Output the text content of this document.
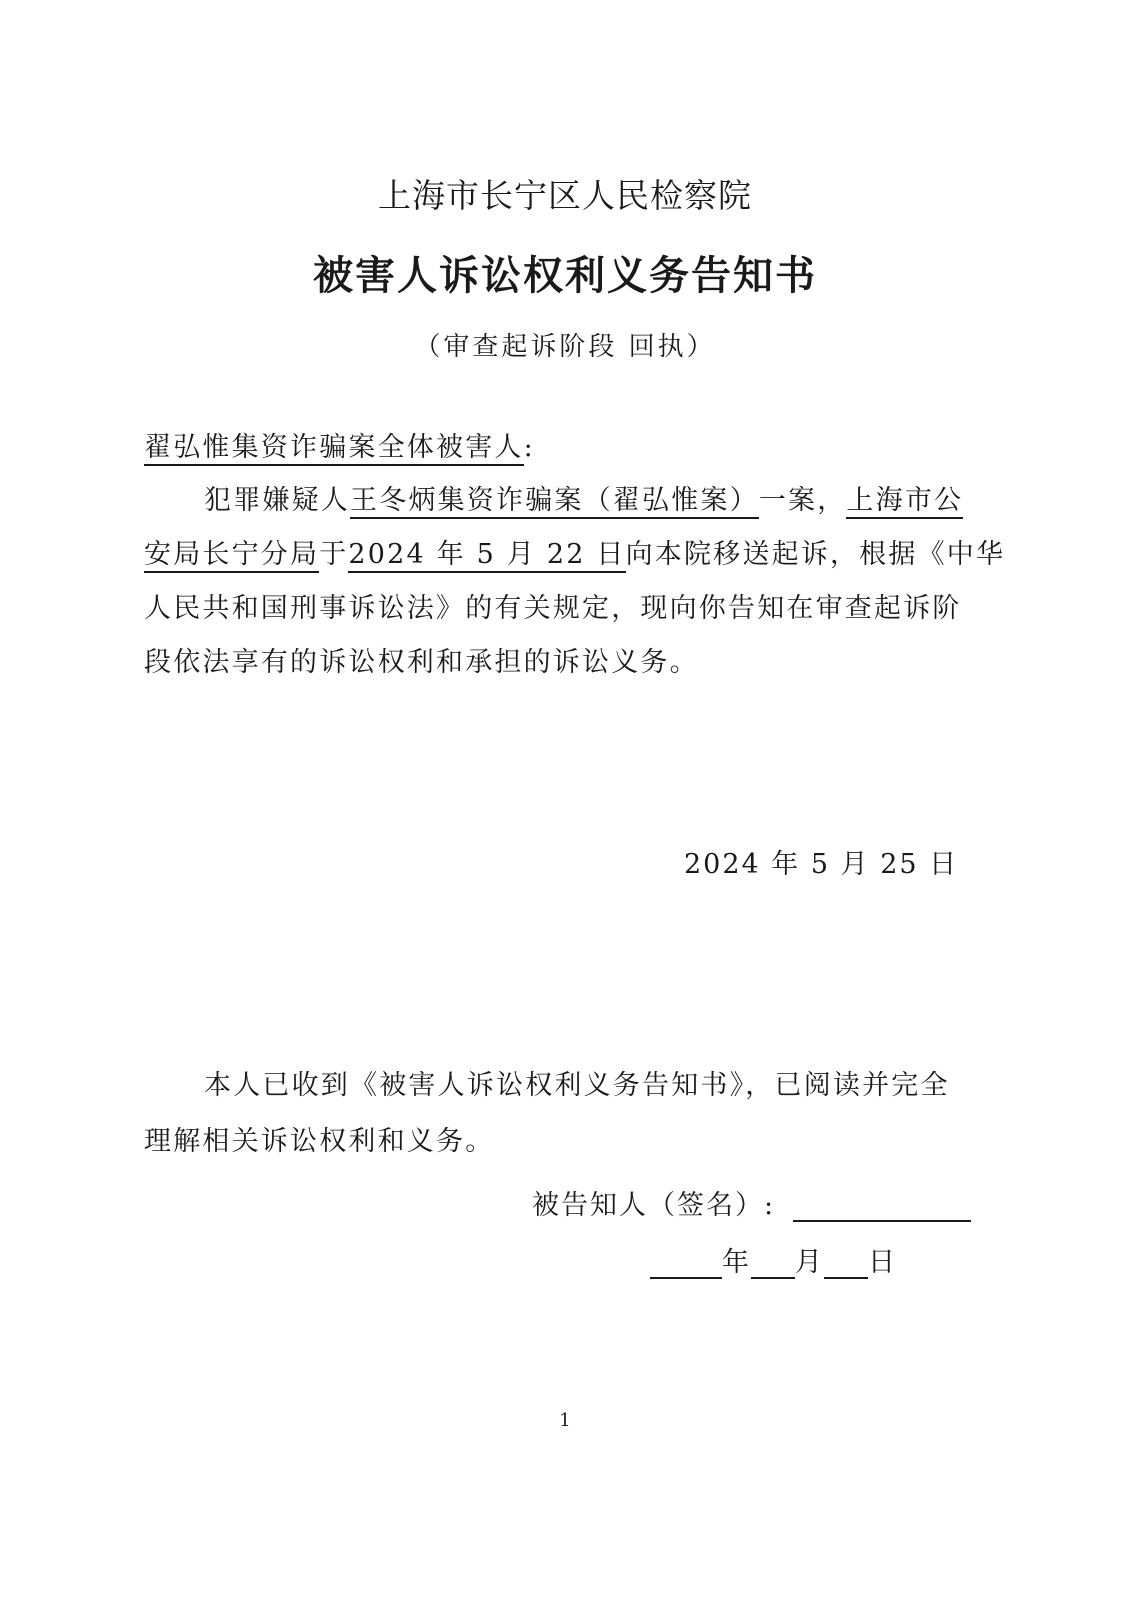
上海市长宁区人民检察院
被害人诉讼权利义务告知书
（审查起诉阶段 回执）
翟弘惟集资诈骗案全体被害人:
犯罪嫌疑人王冬炳集资诈骗案（翟弘惟案）一案，上海市公
安局长宁分局于2024 年 5 月 22 日向本院移送起诉，根据《中华
人民共和国刑事诉讼法》的有关规定，现向你告知在审查起诉阶
段依法享有的诉讼权利和承担的诉讼义务。
2024 年 5 月 25 日
本人已收到《被害人诉讼权利义务告知书》，已阅读并完全
理解相关诉讼权利和义务。
被告知人（签名）:
年 月 日
1
